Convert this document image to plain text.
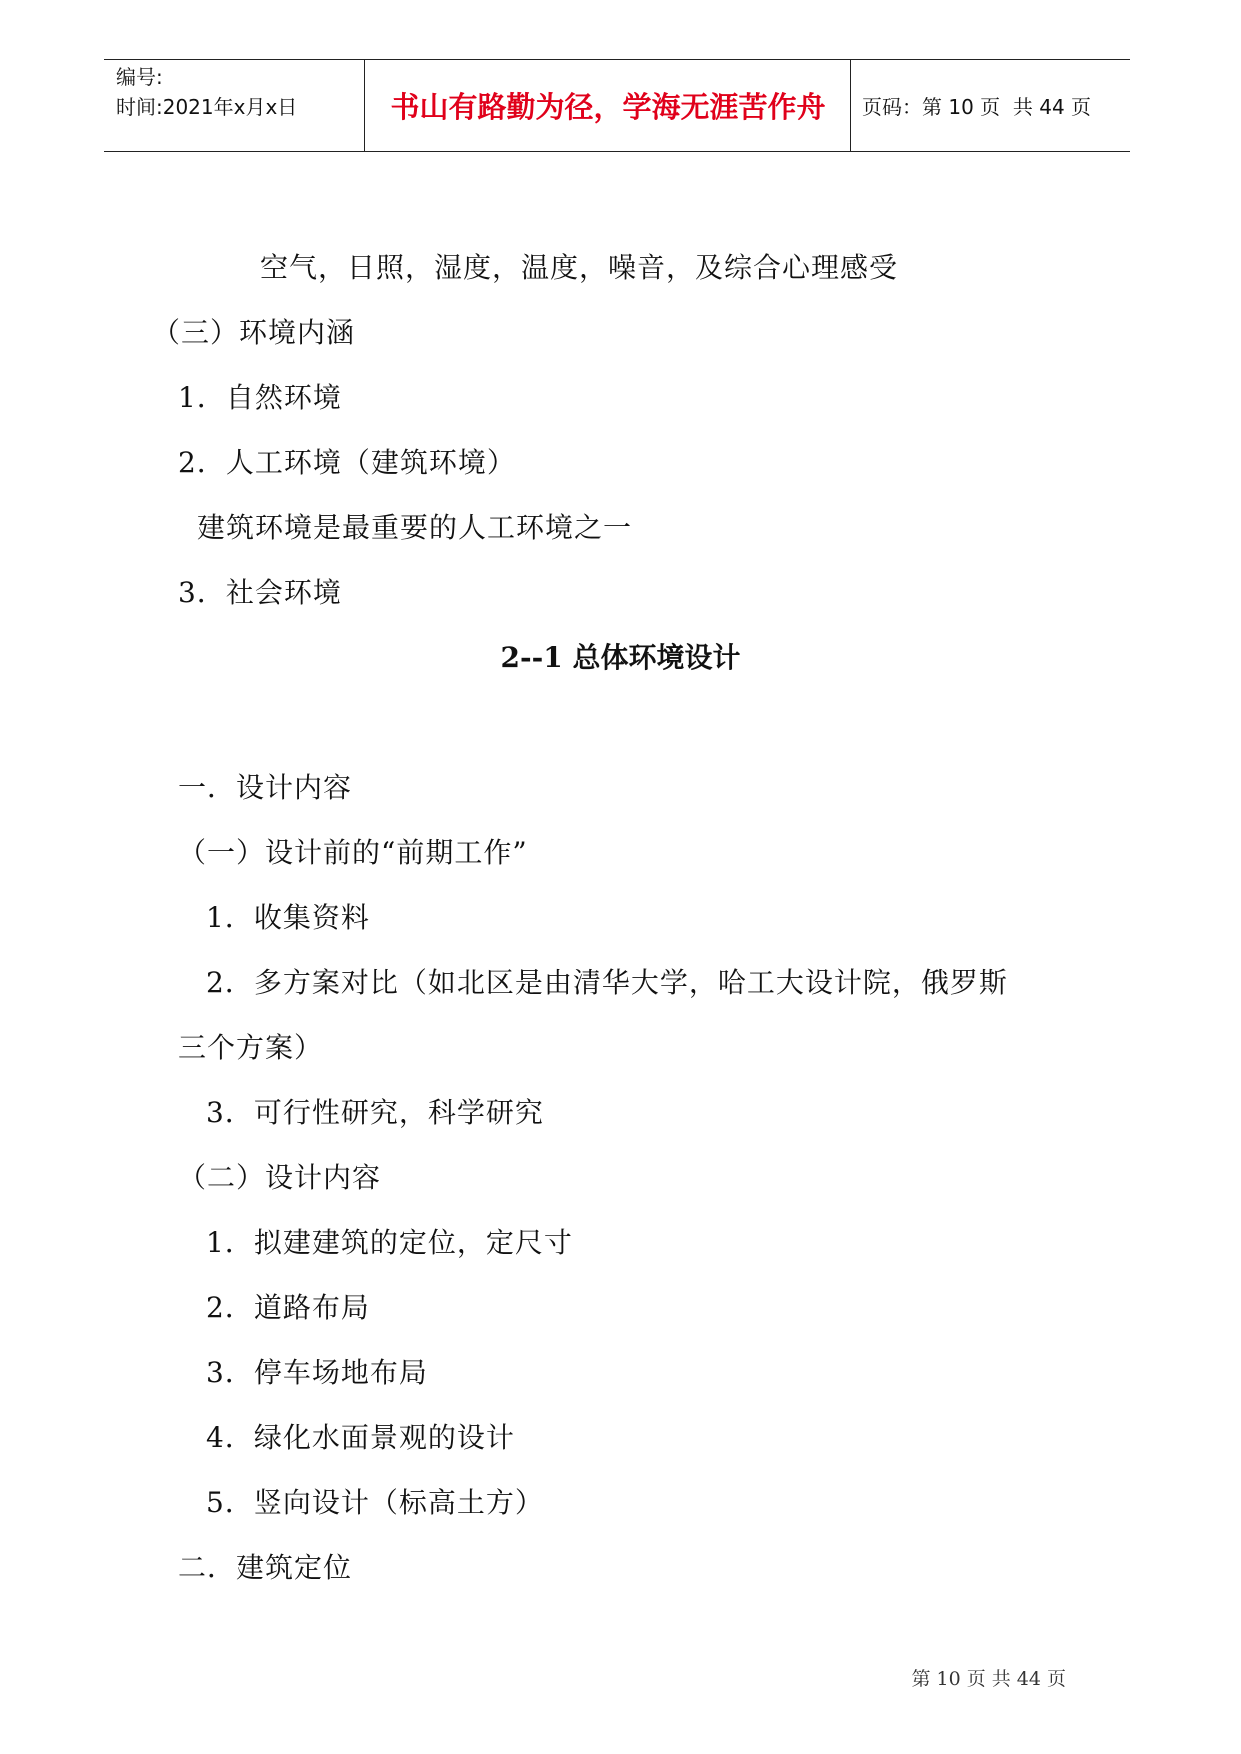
编号:
时间:2021年x月x日	书山有路勤为径，学海无涯苦作舟	页码：第 10 页  共 44 页
空气，日照，湿度，温度，噪音，及综合心理感受
（三）环境内涵
1．自然环境
2．人工环境（建筑环境）
建筑环境是最重要的人工环境之一
3．社会环境
2--1 总体环境设计
一．设计内容
（一）设计前的“前期工作”
1．收集资料
2．多方案对比（如北区是由清华大学，哈工大设计院，俄罗斯
三个方案）
3．可行性研究，科学研究
（二）设计内容
1．拟建建筑的定位，定尺寸
2．道路布局
3．停车场地布局
4．绿化水面景观的设计
5．竖向设计（标高土方）
二．建筑定位
第 10 页 共 44 页
